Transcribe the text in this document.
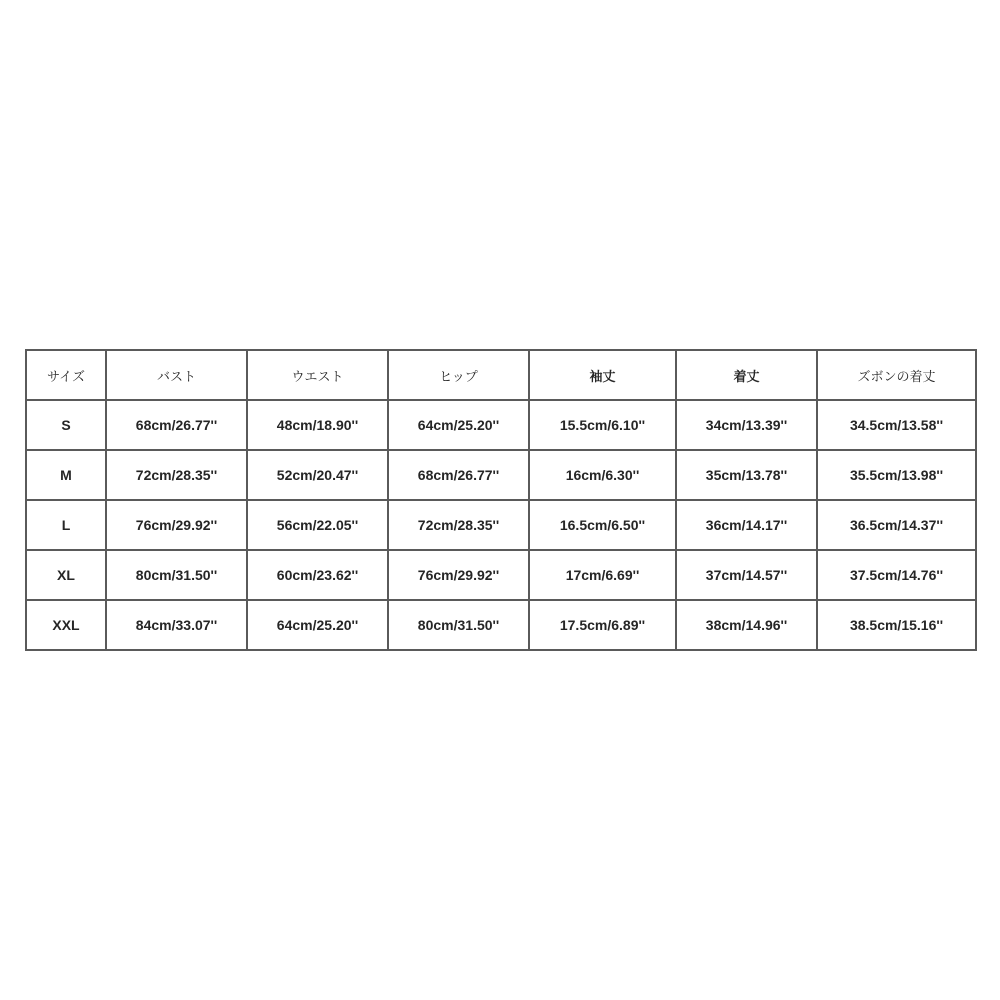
サイズ	バスト	ウエスト	ヒップ	袖丈	着丈	ズボンの着丈
S	68cm/26.77''	48cm/18.90''	64cm/25.20''	15.5cm/6.10''	34cm/13.39''	34.5cm/13.58''
M	72cm/28.35''	52cm/20.47''	68cm/26.77''	16cm/6.30''	35cm/13.78''	35.5cm/13.98''
L	76cm/29.92''	56cm/22.05''	72cm/28.35''	16.5cm/6.50''	36cm/14.17''	36.5cm/14.37''
XL	80cm/31.50''	60cm/23.62''	76cm/29.92''	17cm/6.69''	37cm/14.57''	37.5cm/14.76''
XXL	84cm/33.07''	64cm/25.20''	80cm/31.50''	17.5cm/6.89''	38cm/14.96''	38.5cm/15.16''
